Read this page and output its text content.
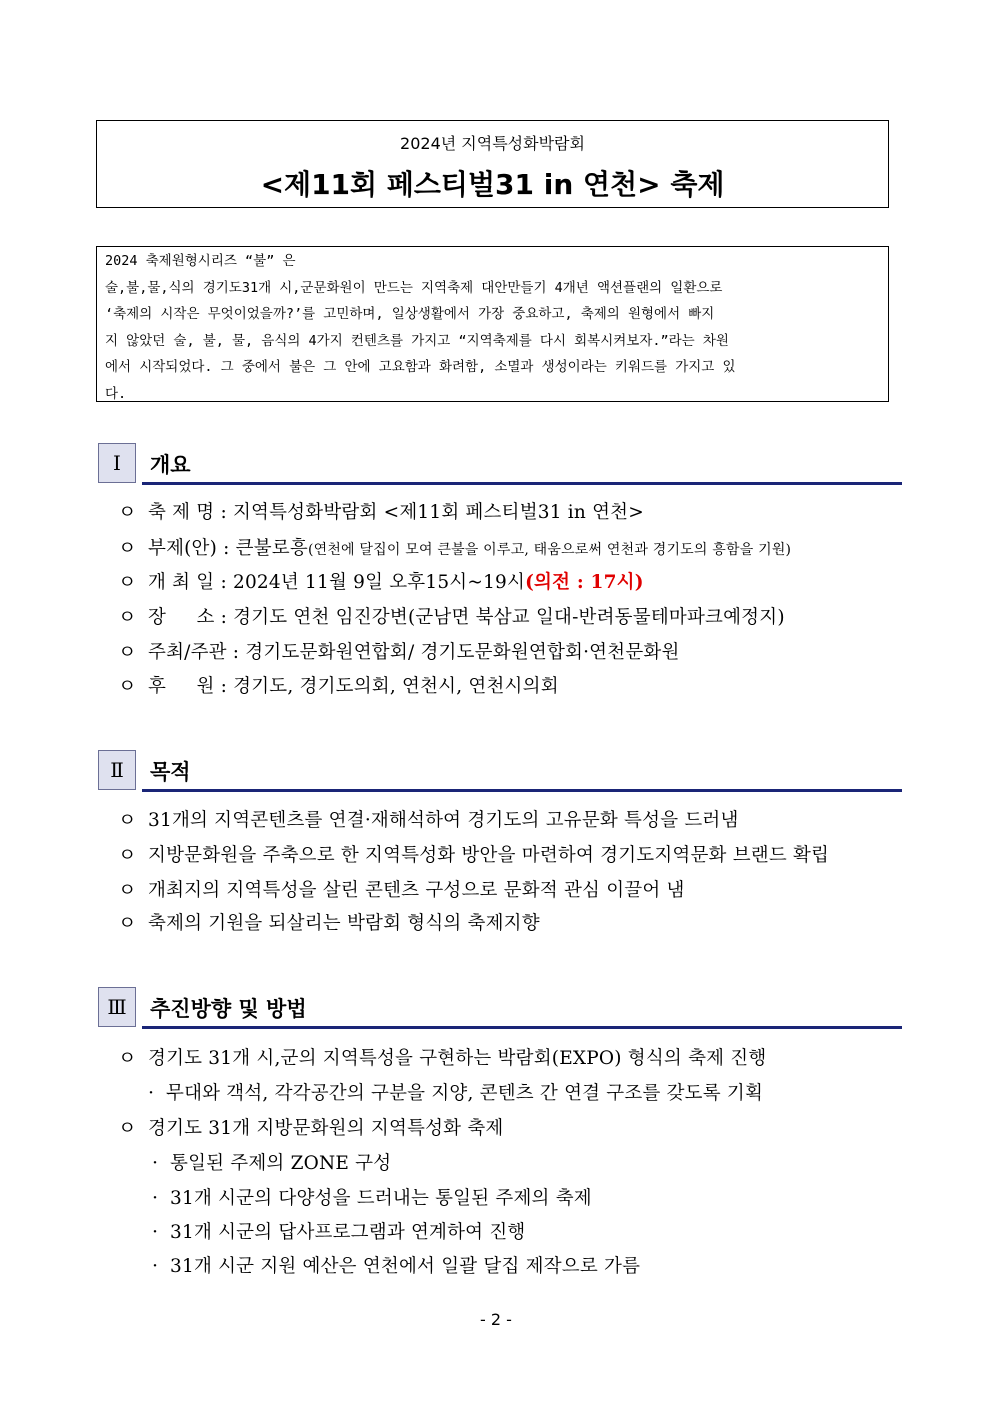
2024년 지역특성화박람회
<제11회 페스티벌31 in 연천> 축제

2024 축제원형시리즈 “불” 은

술,불,물,식의 경기도31개 시,군문화원이 만드는 지역축제 대안만들기 4개년 액션플랜의 일환으로

‘축제의 시작은 무엇이었을까?’를 고민하며, 일상생활에서 가장 중요하고, 축제의 원형에서 빠지

지 않았던 술, 불, 물, 음식의 4가지 컨텐츠를 가지고 “지역축제를 다시 회복시켜보자.”라는 차원

에서 시작되었다. 그 중에서 불은 그 안에 고요함과 화려함, 소멸과 생성이라는 키워드를 가지고 있

다.

Ⅰ	개요
ㅇ 축 제 명 : 지역특성화박람회 <제11회 페스티벌31 in 연천>
ㅇ 부제(안) : 큰불로흥(연천에 달집이 모여 큰불을 이루고, 태움으로써 연천과 경기도의 흥함을 기원)
ㅇ 개 최 일 : 2024년 11월 9일 오후15시~19시(의전 : 17시)
ㅇ 장     소 : 경기도 연천 임진강변(군남면 북삼교 일대-반려동물테마파크예정지)
ㅇ 주최/주관 : 경기도문화원연합회/ 경기도문화원연합회·연천문화원
ㅇ 후     원 : 경기도, 경기도의회, 연천시, 연천시의회
Ⅱ	목적
ㅇ 31개의 지역콘텐츠를 연결·재해석하여 경기도의 고유문화 특성을 드러냄
ㅇ 지방문화원을 주축으로 한 지역특성화 방안을 마련하여 경기도지역문화 브랜드 확립
ㅇ 개최지의 지역특성을 살린 콘텐츠 구성으로 문화적 관심 이끌어 냄
ㅇ 축제의 기원을 되살리는 박람회 형식의 축제지향
Ⅲ	추진방향 및 방법
ㅇ 경기도 31개 시,군의 지역특성을 구현하는 박람회(EXPO) 형식의 축제 진행
· 무대와 객석, 각각공간의 구분을 지양, 콘텐츠 간 연결 구조를 갖도록 기획
ㅇ 경기도 31개 지방문화원의 지역특성화 축제
· 통일된 주제의 ZONE 구성
· 31개 시군의 다양성을 드러내는 통일된 주제의 축제
· 31개 시군의 답사프로그램과 연계하여 진행
· 31개 시군 지원 예산은 연천에서 일괄 달집 제작으로 가름
- 2 -
